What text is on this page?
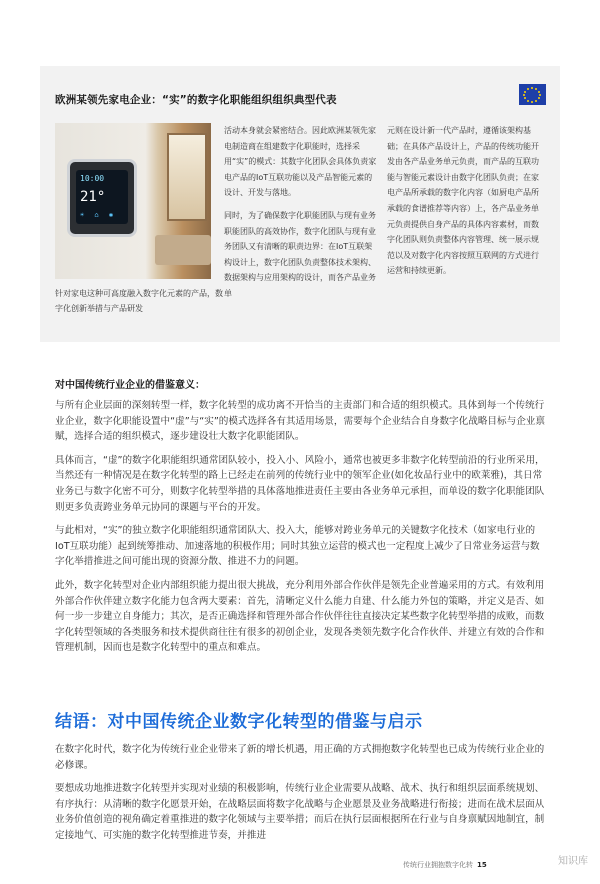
欧洲某领先家电企业：“实”的数字化职能组织组织典型代表
10:00
21°
☀ ⌂ ✱
针对家电这种可高度融入数字化元素的产品，数字化创新举措与产品研发

活动本身就会紧密结合。因此欧洲某领先家电制造商在组建数字化职能时，选择采用“实”的模式：其数字化团队会具体负责家电产品的IoT互联功能以及产品智能元素的设计、开发与落地。

同时，为了确保数字化职能团队与现有业务职能团队的高效协作，数字化团队与现有业务团队又有清晰的职责边界：在IoT互联架构设计上，数字化团队负责整体技术架构、数据架构与应用架构的设计，而各产品业务单

元则在设计新一代产品时，遵循该架构基础；在具体产品设计上，产品的传统功能开发由各产品业务单元负责，而产品的互联功能与智能元素设计由数字化团队负责；在家电产品所承载的数字化内容（如厨电产品所承载的食谱推荐等内容）上，各产品业务单元负责提供自身产品的具体内容素材，而数字化团队则负责整体内容管理、统一展示规范以及对数字化内容按照互联网的方式进行运营和持续更新。

对中国传统行业企业的借鉴意义：

与所有企业层面的深刻转型一样，数字化转型的成功离不开恰当的主责部门和合适的组织模式。具体到每一个传统行业企业，数字化职能设置中“虚”与“实”的模式选择各有其适用场景，需要每个企业结合自身数字化战略目标与企业禀赋，选择合适的组织模式，逐步建设壮大数字化职能团队。

具体而言，“虚”的数字化职能组织通常团队较小，投入小、风险小，通常也被更多非数字化转型前沿的行业所采用，当然还有一种情况是在数字化转型的路上已经走在前列的传统行业中的领军企业(如化妆品行业中的欧莱雅)，其日常业务已与数字化密不可分，则数字化转型举措的具体落地推进责任主要由各业务单元承担，而单设的数字化职能团队则更多负责跨业务单元协同的课题与平台的开发。

与此相对，“实”的独立数字化职能组织通常团队大、投入大，能够对跨业务单元的关键数字化技术（如家电行业的IoT互联功能）起到统筹推动、加速落地的积极作用；同时其独立运营的模式也一定程度上减少了日常业务运营与数字化举措推进之间可能出现的资源分散、推进不力的问题。

此外，数字化转型对企业内部组织能力提出很大挑战，充分利用外部合作伙伴是领先企业普遍采用的方式。有效利用外部合作伙伴建立数字化能力包含两大要素：首先，清晰定义什么能力自建、什么能力外包的策略，并定义是否、如何一步一步建立自身能力；其次，是否正确选择和管理外部合作伙伴往往直接决定某些数字化转型举措的成败，而数字化转型领域的各类服务和技术提供商往往有很多的初创企业，发现各类领先数字化合作伙伴、并建立有效的合作和管理机制，因而也是数字化转型中的重点和难点。

结语：对中国传统企业数字化转型的借鉴与启示

在数字化时代，数字化为传统行业企业带来了新的增长机遇，用正确的方式拥抱数字化转型也已成为传统行业企业的必修课。

要想成功地推进数字化转型并实现对业绩的积极影响，传统行业企业需要从战略、战术、执行和组织层面系统规划、有序执行：从清晰的数字化愿景开始，在战略层面将数字化战略与企业愿景及业务战略进行衔接；进而在战术层面从业务价值创造的视角确定着重推进的数字化领域与主要举措；而后在执行层面根据所在行业与自身禀赋因地制宜，制定接地气、可实施的数字化转型推进节奏，并推进

传统行业拥抱数字化转 15	知识库
